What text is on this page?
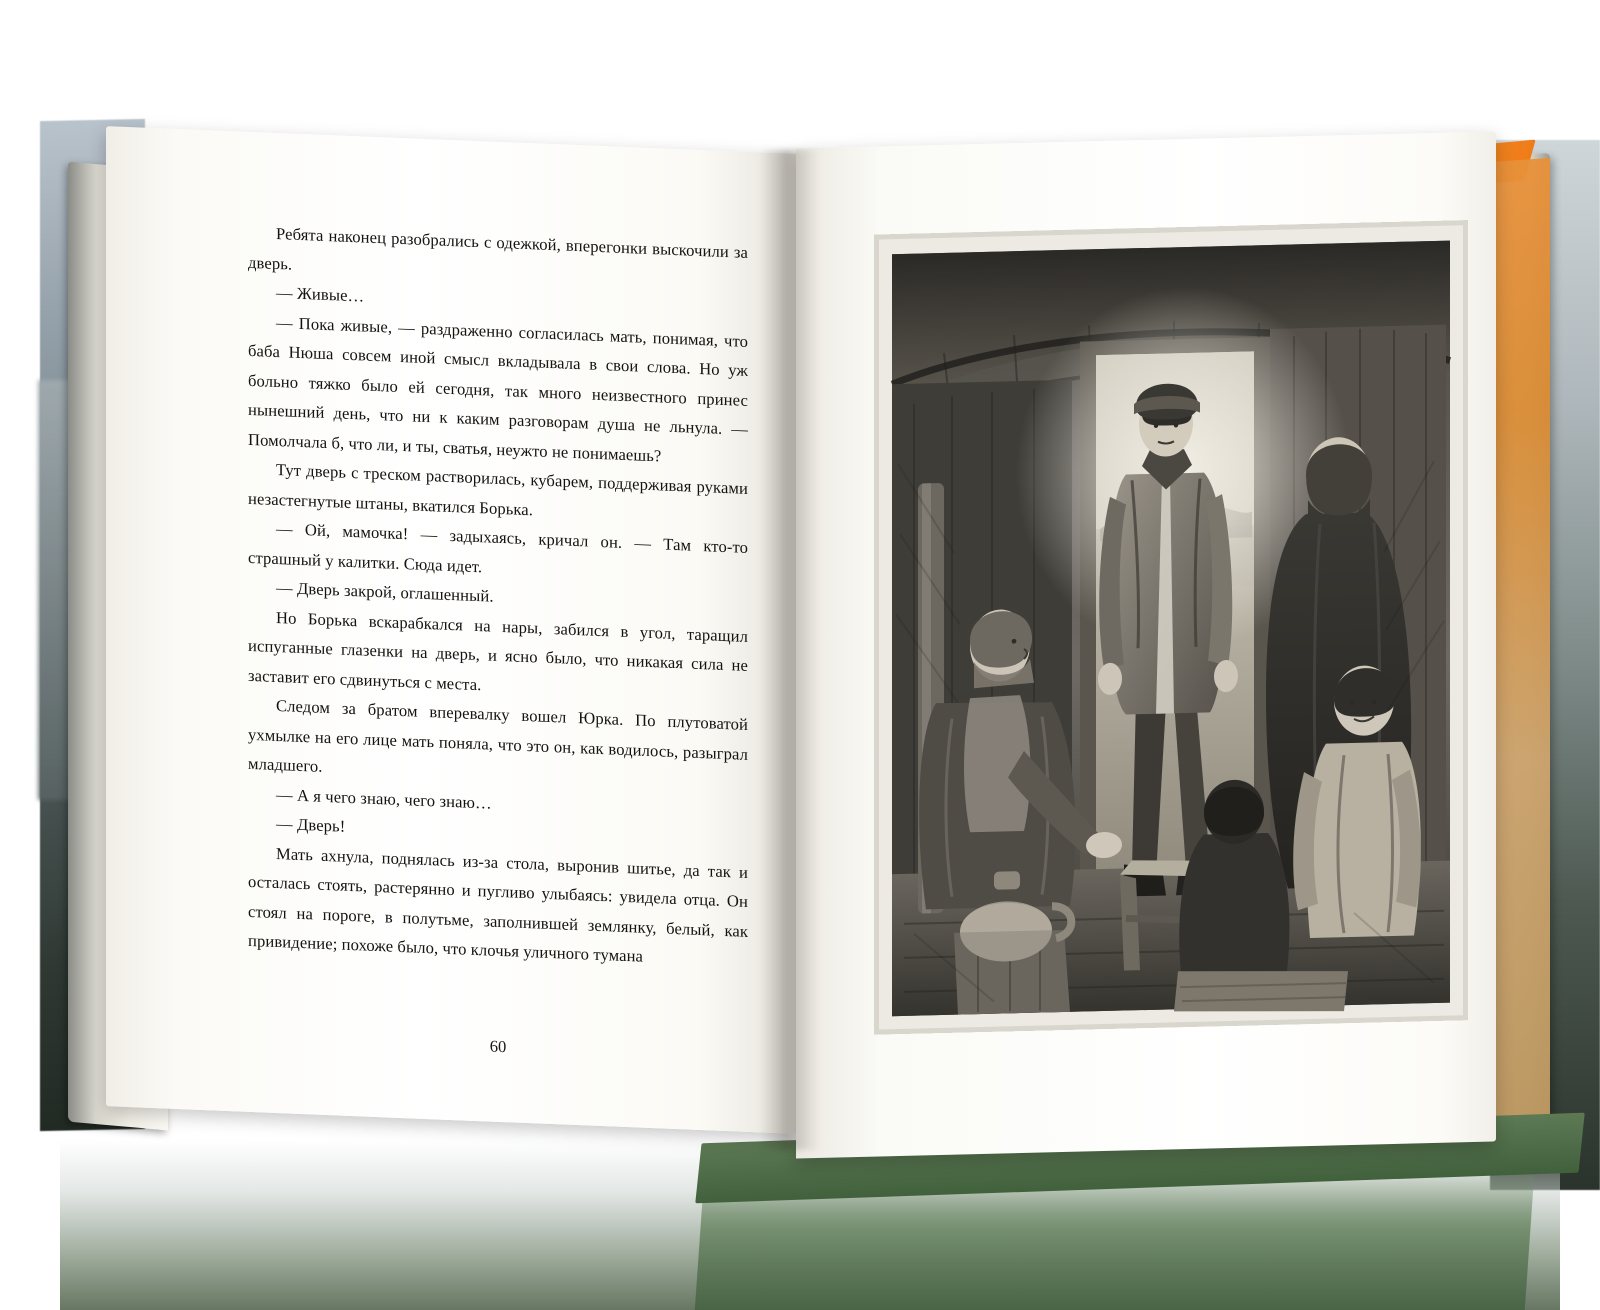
Ребята наконец разобрались с одежкой, вперегонки выскочили за дверь.

— Живые…

— Пока живые, — раздраженно согласилась мать, понимая, что баба Нюша совсем иной смысл вкладывала в свои слова. Но уж больно тяжко было ей сегодня, так много неизвестного принес нынешний день, что ни к каким разговорам душа не льнула. — Помолчала б, что ли, и ты, сватья, неужто не понимаешь?

Тут дверь с треском растворилась, кубарем, поддерживая руками незастегнутые штаны, вкатился Борька.

— Ой, мамочка! — задыхаясь, кричал он. — Там кто-то страшный у калитки. Сюда идет.

— Дверь закрой, оглашенный.

Но Борька вскарабкался на нары, забился в угол, таращил испуганные глазенки на дверь, и ясно было, что никакая сила не заставит его сдвинуться с места.

Следом за братом вперевалку вошел Юрка. По плутоватой ухмылке на его лице мать поняла, что это он, как водилось, разыграл младшего.

— А я чего знаю, чего знаю…

— Дверь!

Мать ахнула, поднялась из-за стола, выронив шитье, да так и осталась стоять, растерянно и пугливо улыбаясь: увидела отца. Он стоял на пороге, в полутьме, заполнившей землянку, белый, как привидение; похоже было, что клочья уличного тумана

60
